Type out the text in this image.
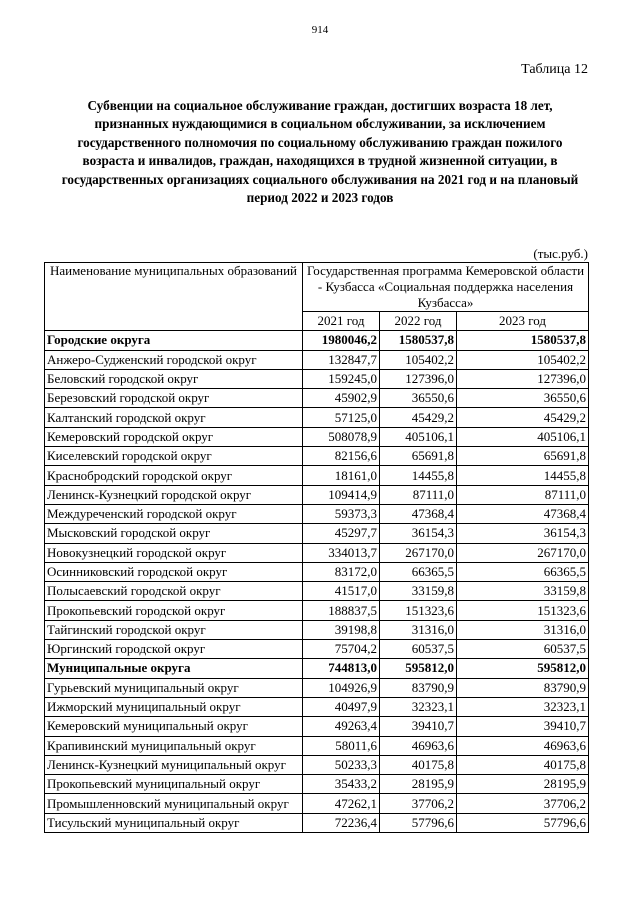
914
Таблица 12
Субвенции на социальное обслуживание граждан, достигших возраста 18 лет, признанных нуждающимися в социальном обслуживании, за исключением государственного полномочия по социальному обслуживанию граждан пожилого возраста и инвалидов, граждан, находящихся в трудной жизненной ситуации, в государственных организациях социального обслуживания на 2021 год и на плановый период 2022 и 2023 годов
(тыс.руб.)
Наименование муниципальных образований	Государственная программа Кемеровской области - Кузбасса «Социальная поддержка населения Кузбасса»		
	2021 год	2022 год	2023 год
Городские округа	1980046,2	1580537,8	1580537,8
Анжеро-Судженский городской округ	132847,7	105402,2	105402,2
Беловский городской округ	159245,0	127396,0	127396,0
Березовский городской округ	45902,9	36550,6	36550,6
Калтанский городской округ	57125,0	45429,2	45429,2
Кемеровский городской округ	508078,9	405106,1	405106,1
Киселевский городской округ	82156,6	65691,8	65691,8
Краснобродский городской округ	18161,0	14455,8	14455,8
Ленинск-Кузнецкий городской округ	109414,9	87111,0	87111,0
Междуреченский городской округ	59373,3	47368,4	47368,4
Мысковский городской округ	45297,7	36154,3	36154,3
Новокузнецкий городской округ	334013,7	267170,0	267170,0
Осинниковский городской округ	83172,0	66365,5	66365,5
Полысаевский городской округ	41517,0	33159,8	33159,8
Прокопьевский городской округ	188837,5	151323,6	151323,6
Тайгинский городской округ	39198,8	31316,0	31316,0
Юргинский городской округ	75704,2	60537,5	60537,5
Муниципальные округа	744813,0	595812,0	595812,0
Гурьевский муниципальный округ	104926,9	83790,9	83790,9
Ижморский муниципальный округ	40497,9	32323,1	32323,1
Кемеровский муниципальный округ	49263,4	39410,7	39410,7
Крапивинский муниципальный округ	58011,6	46963,6	46963,6
Ленинск-Кузнецкий муниципальный округ	50233,3	40175,8	40175,8
Прокопьевский муниципальный округ	35433,2	28195,9	28195,9
Промышленновский муниципальный округ	47262,1	37706,2	37706,2
Тисульский муниципальный округ	72236,4	57796,6	57796,6
